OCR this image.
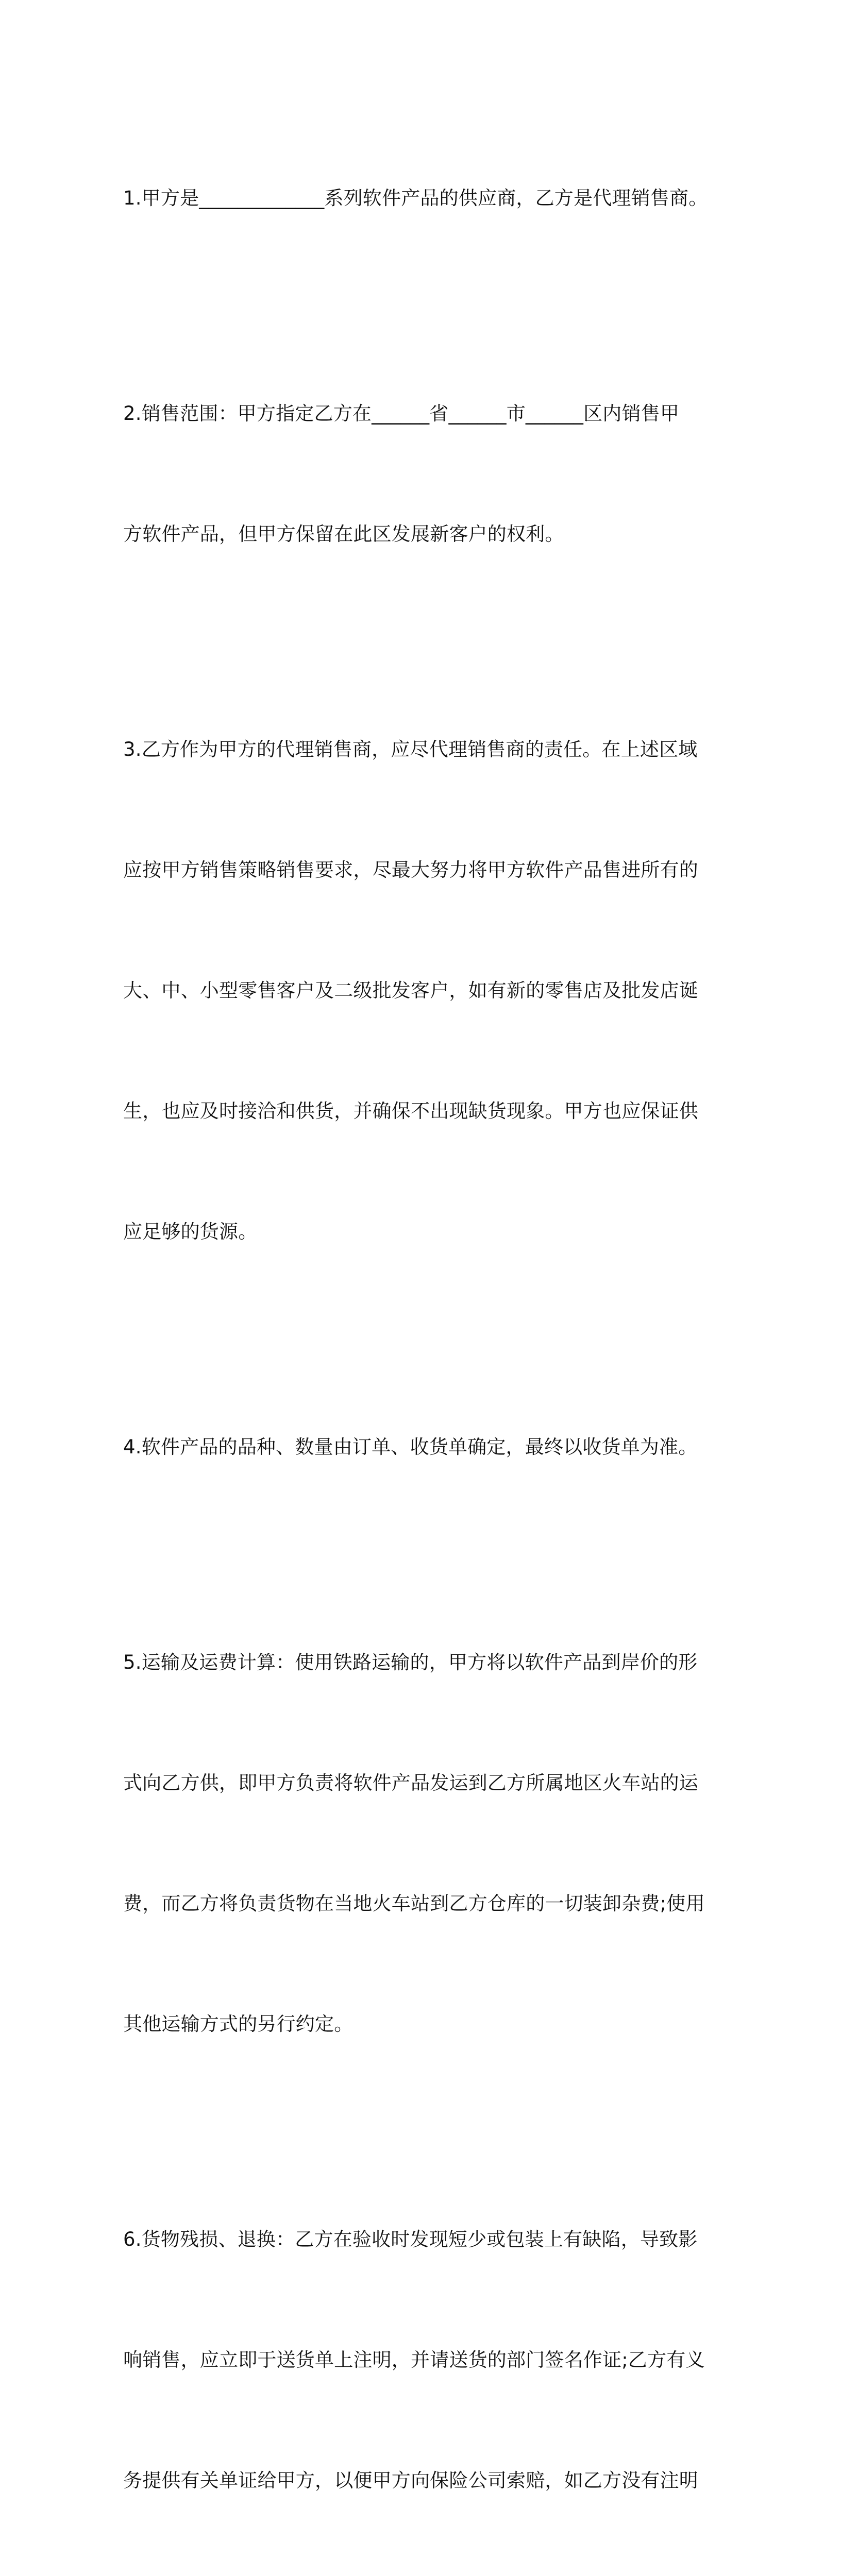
1.甲方是_____________系列软件产品的供应商，乙方是代理销售商。

2.销售范围：甲方指定乙方在______省______市______区内销售甲

方软件产品，但甲方保留在此区发展新客户的权利。

3.乙方作为甲方的代理销售商，应尽代理销售商的责任。在上述区域

应按甲方销售策略销售要求，尽最大努力将甲方软件产品售进所有的

大、中、小型零售客户及二级批发客户，如有新的零售店及批发店诞

生，也应及时接洽和供货，并确保不出现缺货现象。甲方也应保证供

应足够的货源。

4.软件产品的品种、数量由订单、收货单确定，最终以收货单为准。

5.运输及运费计算：使用铁路运输的，甲方将以软件产品到岸价的形

式向乙方供，即甲方负责将软件产品发运到乙方所属地区火车站的运

费，而乙方将负责货物在当地火车站到乙方仓库的一切装卸杂费;使用

其他运输方式的另行约定。

6.货物残损、退换：乙方在验收时发现短少或包装上有缺陷，导致影

响销售，应立即于送货单上注明，并请送货的部门签名作证;乙方有义

务提供有关单证给甲方，以便甲方向保险公司索赔，如乙方没有注明
